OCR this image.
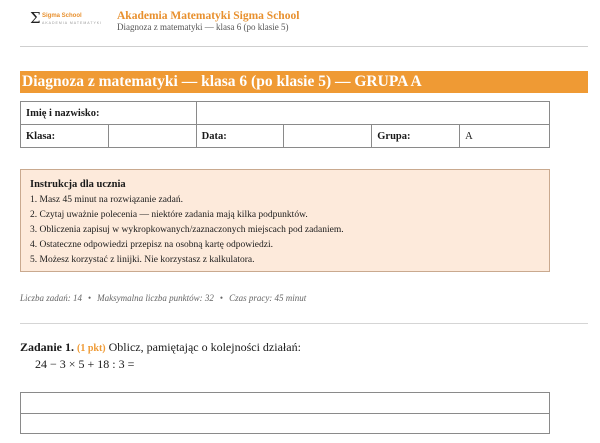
Σ Sigma School
AKADEMIA MATEMATYKI
Akademia Matematyki Sigma School
Diagnoza z matematyki — klasa 6 (po klasie 5)
Diagnoza z matematyki — klasa 6 (po klasie 5) — GRUPA A
Imię i nazwisko:					
Klasa:		Data:		Grupa:	A
Instrukcja dla ucznia
1. Masz 45 minut na rozwiązanie zadań.
2. Czytaj uważnie polecenia — niektóre zadania mają kilka podpunktów.
3. Obliczenia zapisuj w wykropkowanych/zaznaczonych miejscach pod zadaniem.
4. Ostateczne odpowiedzi przepisz na osobną kartę odpowiedzi.
5. Możesz korzystać z linijki. Nie korzystasz z kalkulatora.
Liczba zadań: 14 • Maksymalna liczba punktów: 32 • Czas pracy: 45 minut
Zadanie 1. (1 pkt) Oblicz, pamiętając o kolejności działań:
24 − 3 × 5 + 18 : 3 =
